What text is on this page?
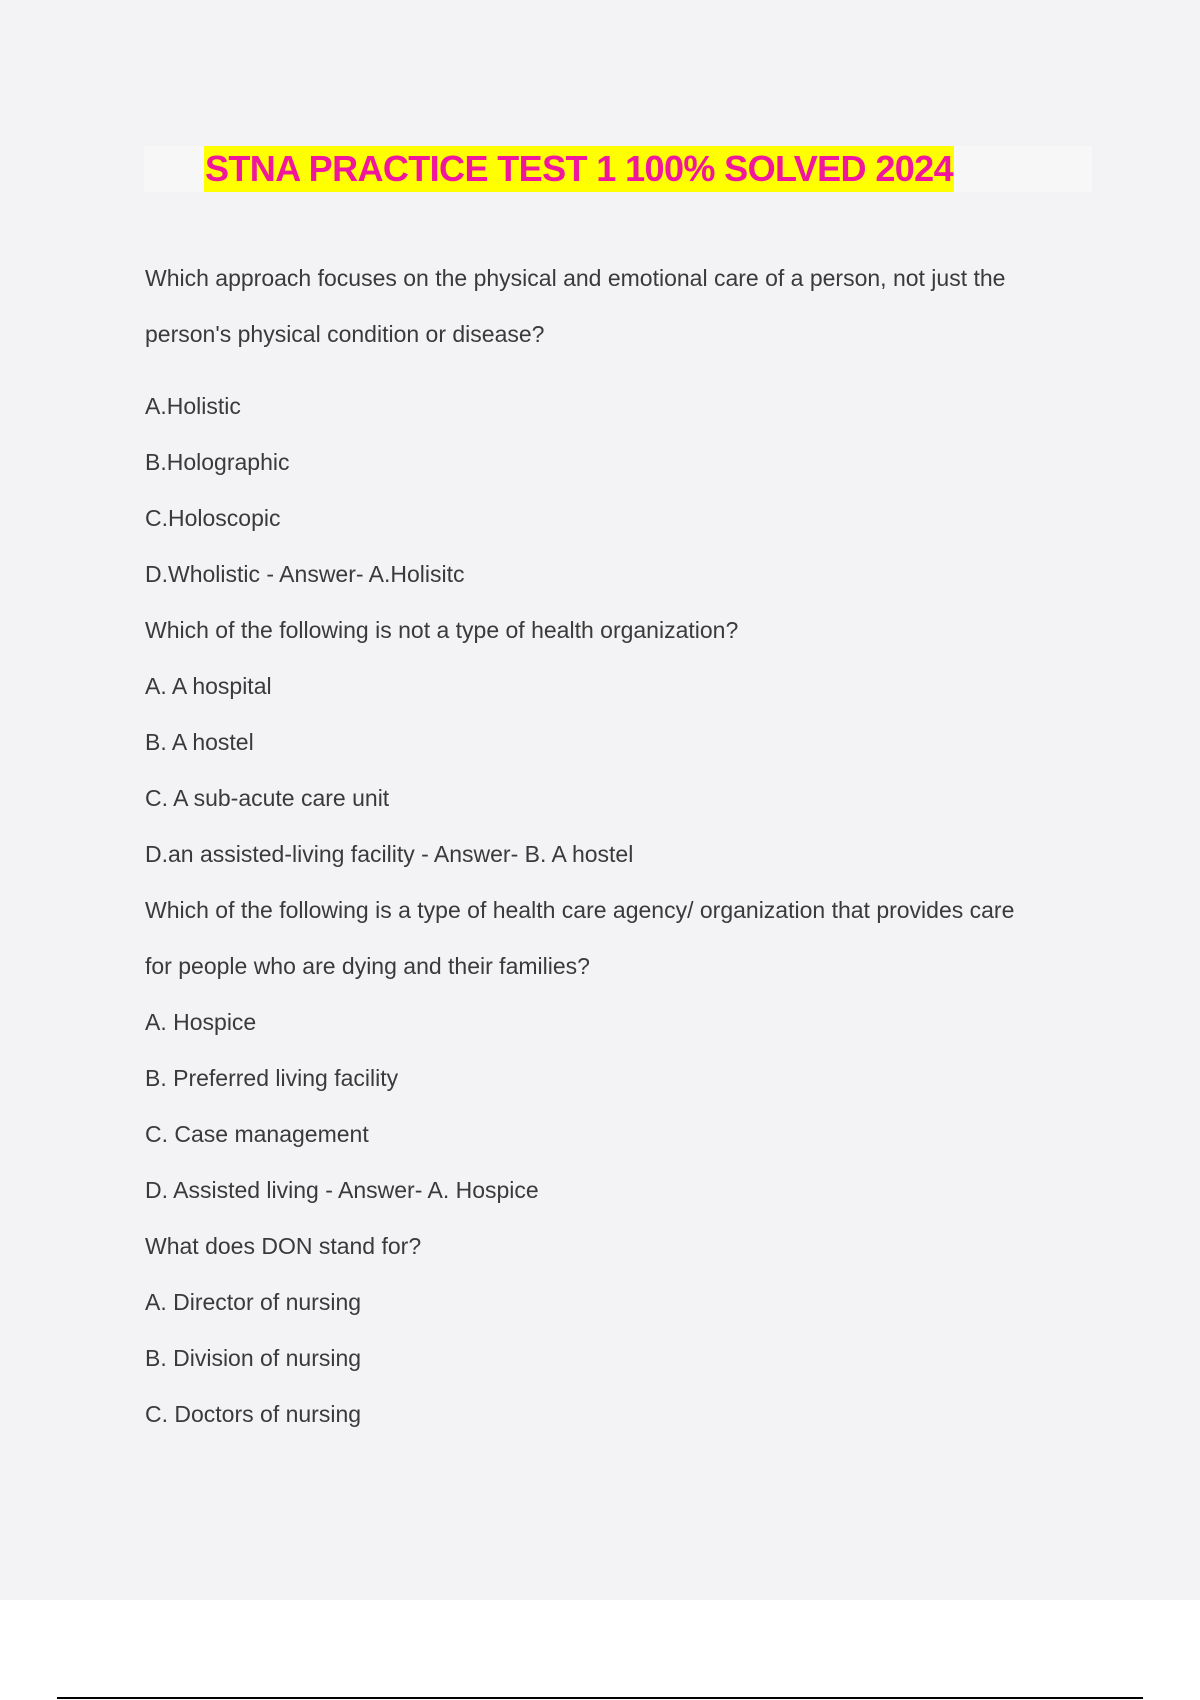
STNA PRACTICE TEST 1 100% SOLVED 2024
Which approach focuses on the physical and emotional care of a person, not just the
person's physical condition or disease?
A.Holistic
B.Holographic
C.Holoscopic
D.Wholistic - Answer- A.Holisitc
Which of the following is not a type of health organization?
A. A hospital
B. A hostel
C. A sub-acute care unit
D.an assisted-living facility - Answer- B. A hostel
Which of the following is a type of health care agency/ organization that provides care
for people who are dying and their families?
A. Hospice
B. Preferred living facility
C. Case management
D. Assisted living - Answer- A. Hospice
What does DON stand for?
A. Director of nursing
B. Division of nursing
C. Doctors of nursing
